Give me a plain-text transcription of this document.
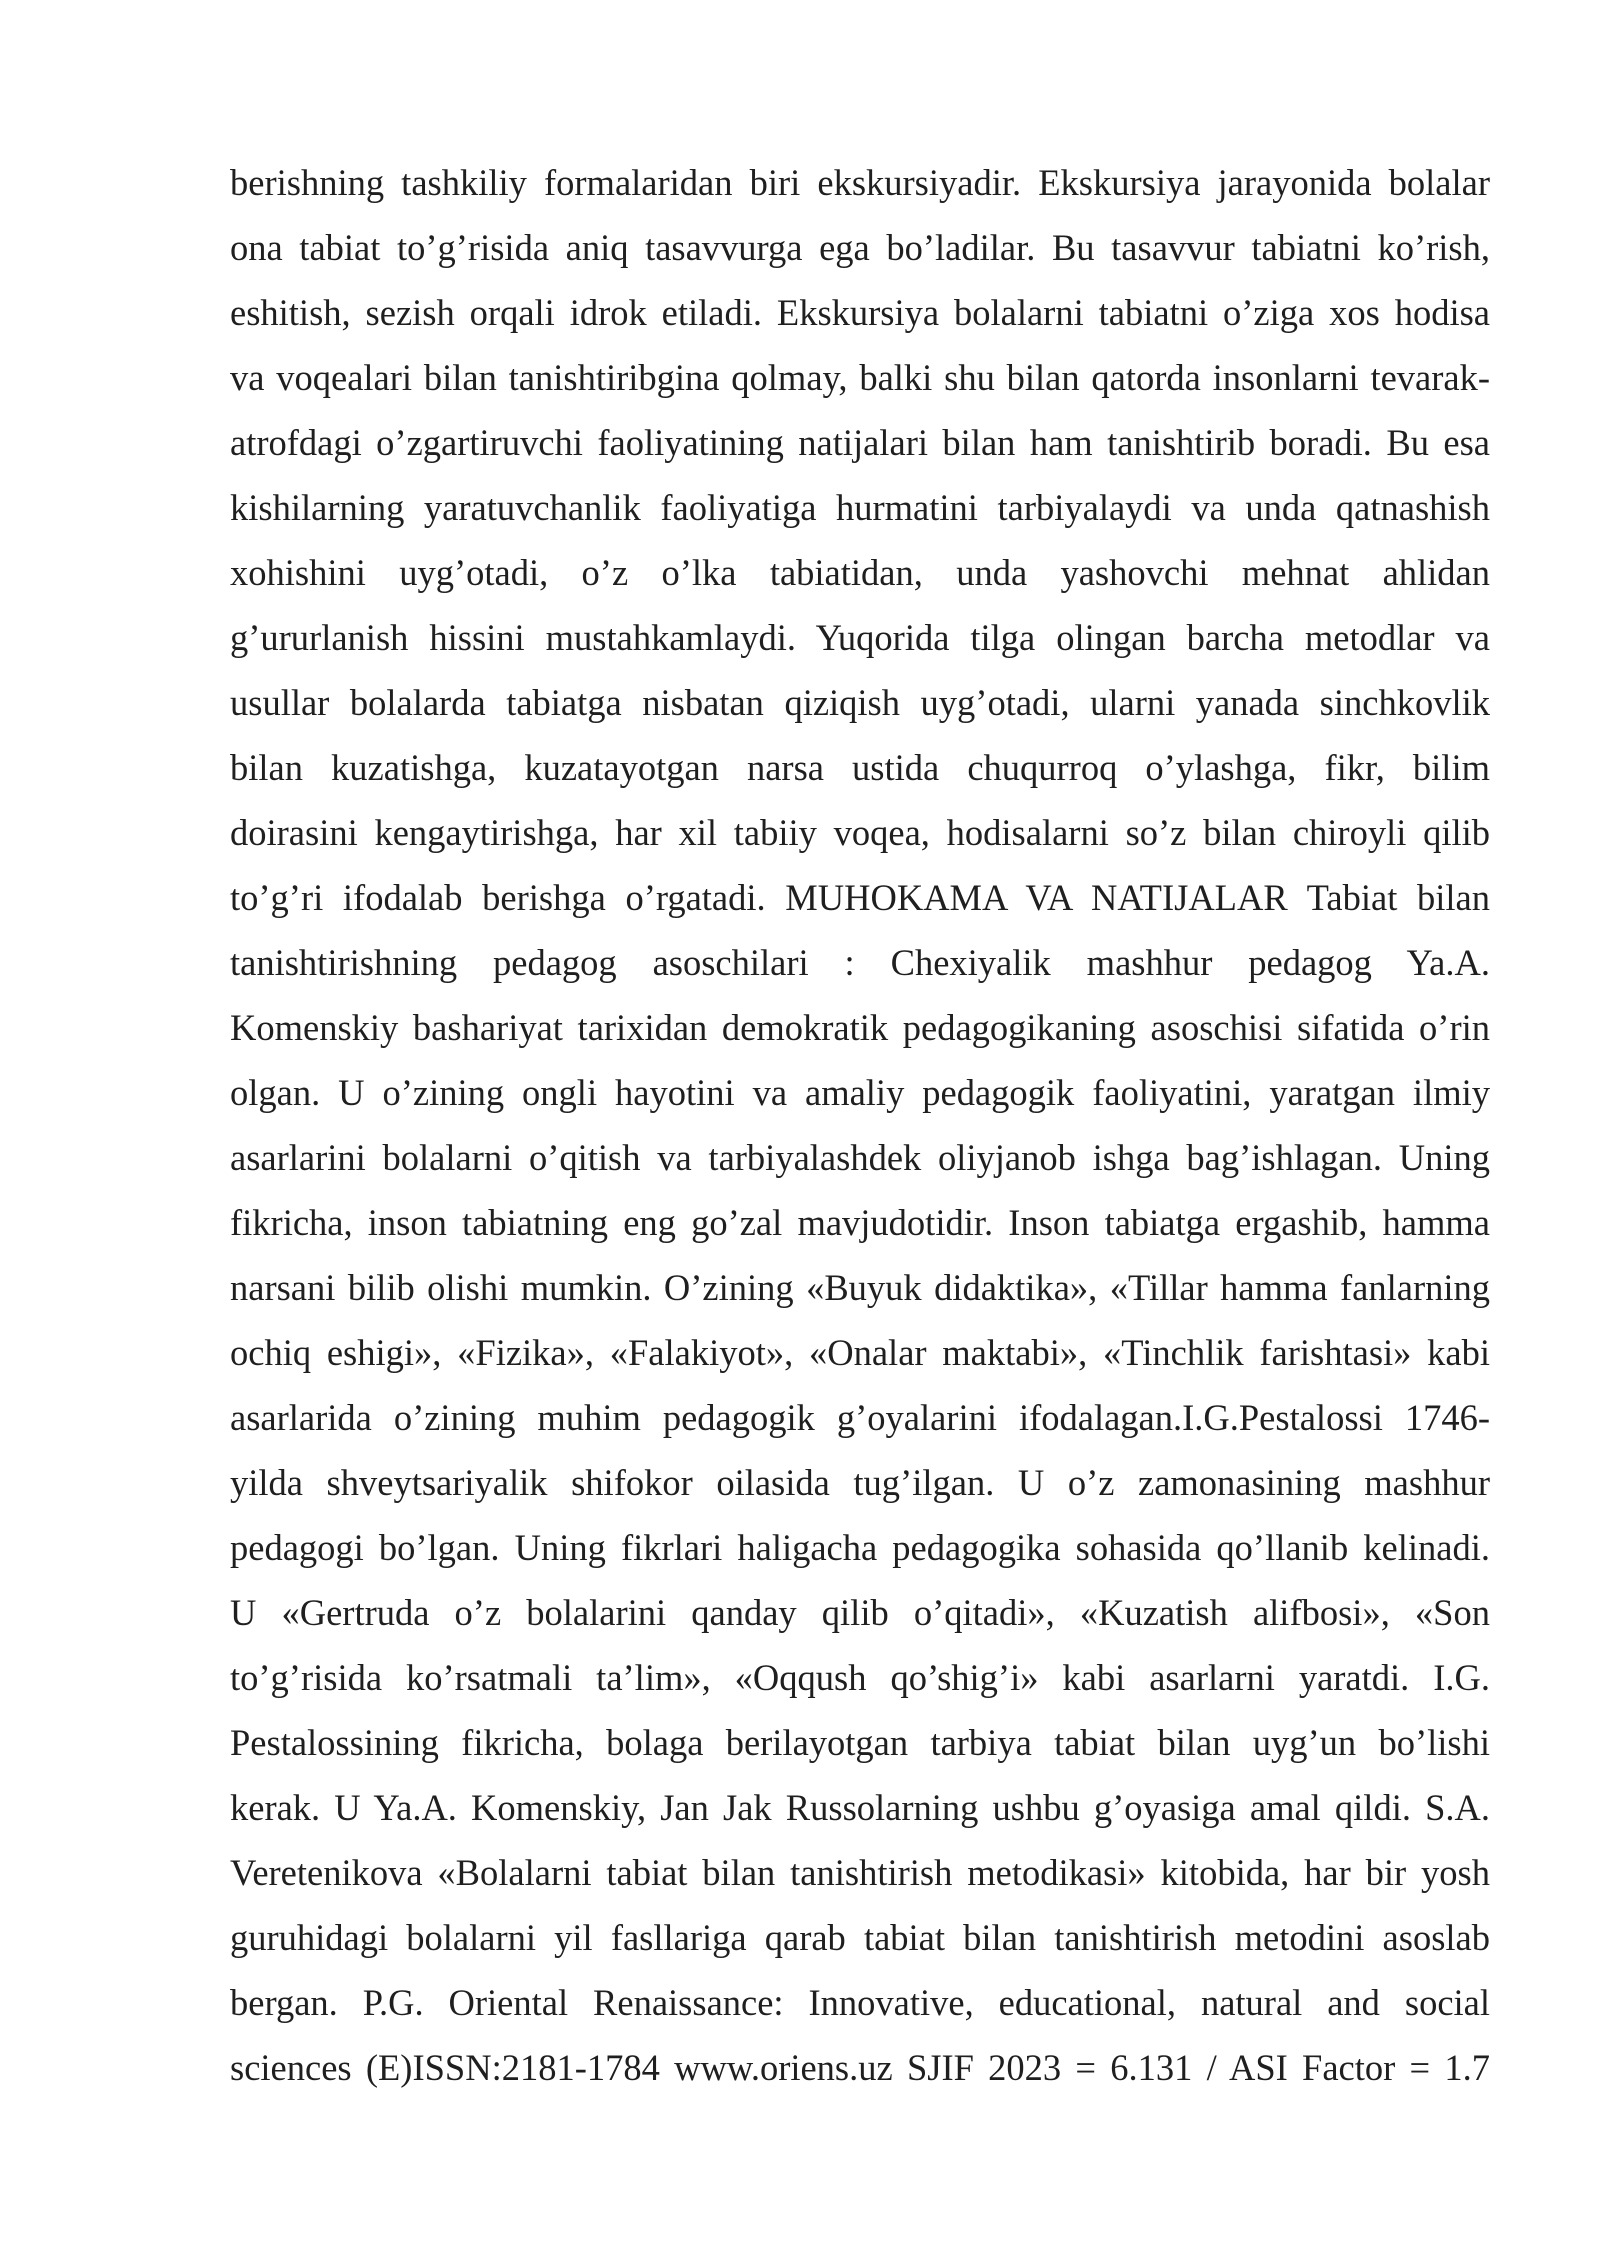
berishning tashkiliy formalaridan biri ekskursiyadir. Ekskursiya jarayonida bolalar
ona tabiat to’g’risida aniq tasavvurga ega bo’ladilar. Bu tasavvur tabiatni ko’rish,
eshitish, sezish orqali idrok etiladi. Ekskursiya bolalarni tabiatni o’ziga xos hodisa
va voqealari bilan tanishtiribgina qolmay, balki shu bilan qatorda insonlarni tevarak-
atrofdagi o’zgartiruvchi faoliyatining natijalari bilan ham tanishtirib boradi. Bu esa
kishilarning yaratuvchanlik faoliyatiga hurmatini tarbiyalaydi va unda qatnashish
xohishini uyg’otadi, o’z o’lka tabiatidan, unda yashovchi mehnat ahlidan
g’ururlanish hissini mustahkamlaydi. Yuqorida tilga olingan barcha metodlar va
usullar bolalarda tabiatga nisbatan qiziqish uyg’otadi, ularni yanada sinchkovlik
bilan kuzatishga, kuzatayotgan narsa ustida chuqurroq o’ylashga, fikr, bilim
doirasini kengaytirishga, har xil tabiiy voqea, hodisalarni so’z bilan chiroyli qilib
to’g’ri ifodalab berishga o’rgatadi. MUHOKAMA VA NATIJALAR Tabiat bilan
tanishtirishning pedagog asoschilari : Chexiyalik mashhur pedagog Ya.A.
Komenskiy bashariyat tarixidan demokratik pedagogikaning asoschisi sifatida o’rin
olgan. U o’zining ongli hayotini va amaliy pedagogik faoliyatini, yaratgan ilmiy
asarlarini bolalarni o’qitish va tarbiyalashdek oliyjanob ishga bag’ishlagan. Uning
fikricha, inson tabiatning eng go’zal mavjudotidir. Inson tabiatga ergashib, hamma
narsani bilib olishi mumkin. O’zining «Buyuk didaktika», «Tillar hamma fanlarning
ochiq eshigi», «Fizika», «Falakiyot», «Onalar maktabi», «Tinchlik farishtasi» kabi
asarlarida o’zining muhim pedagogik g’oyalarini ifodalagan.I.G.Pestalossi 1746-
yilda shveytsariyalik shifokor oilasida tug’ilgan. U o’z zamonasining mashhur
pedagogi bo’lgan. Uning fikrlari haligacha pedagogika sohasida qo’llanib kelinadi.
U «Gertruda o’z bolalarini qanday qilib o’qitadi», «Kuzatish alifbosi», «Son
to’g’risida ko’rsatmali ta’lim», «Oqqush qo’shig’i» kabi asarlarni yaratdi. I.G.
Pestalossining fikricha, bolaga berilayotgan tarbiya tabiat bilan uyg’un bo’lishi
kerak. U Ya.A. Komenskiy, Jan Jak Russolarning ushbu g’oyasiga amal qildi. S.A.
Veretenikova «Bolalarni tabiat bilan tanishtirish metodikasi» kitobida, har bir yosh
guruhidagi bolalarni yil fasllariga qarab tabiat bilan tanishtirish metodini asoslab
bergan. P.G. Oriental Renaissance: Innovative, educational, natural and social
sciences (E)ISSN:2181-1784 www.oriens.uz SJIF 2023 = 6.131 / ASI Factor = 1.7
